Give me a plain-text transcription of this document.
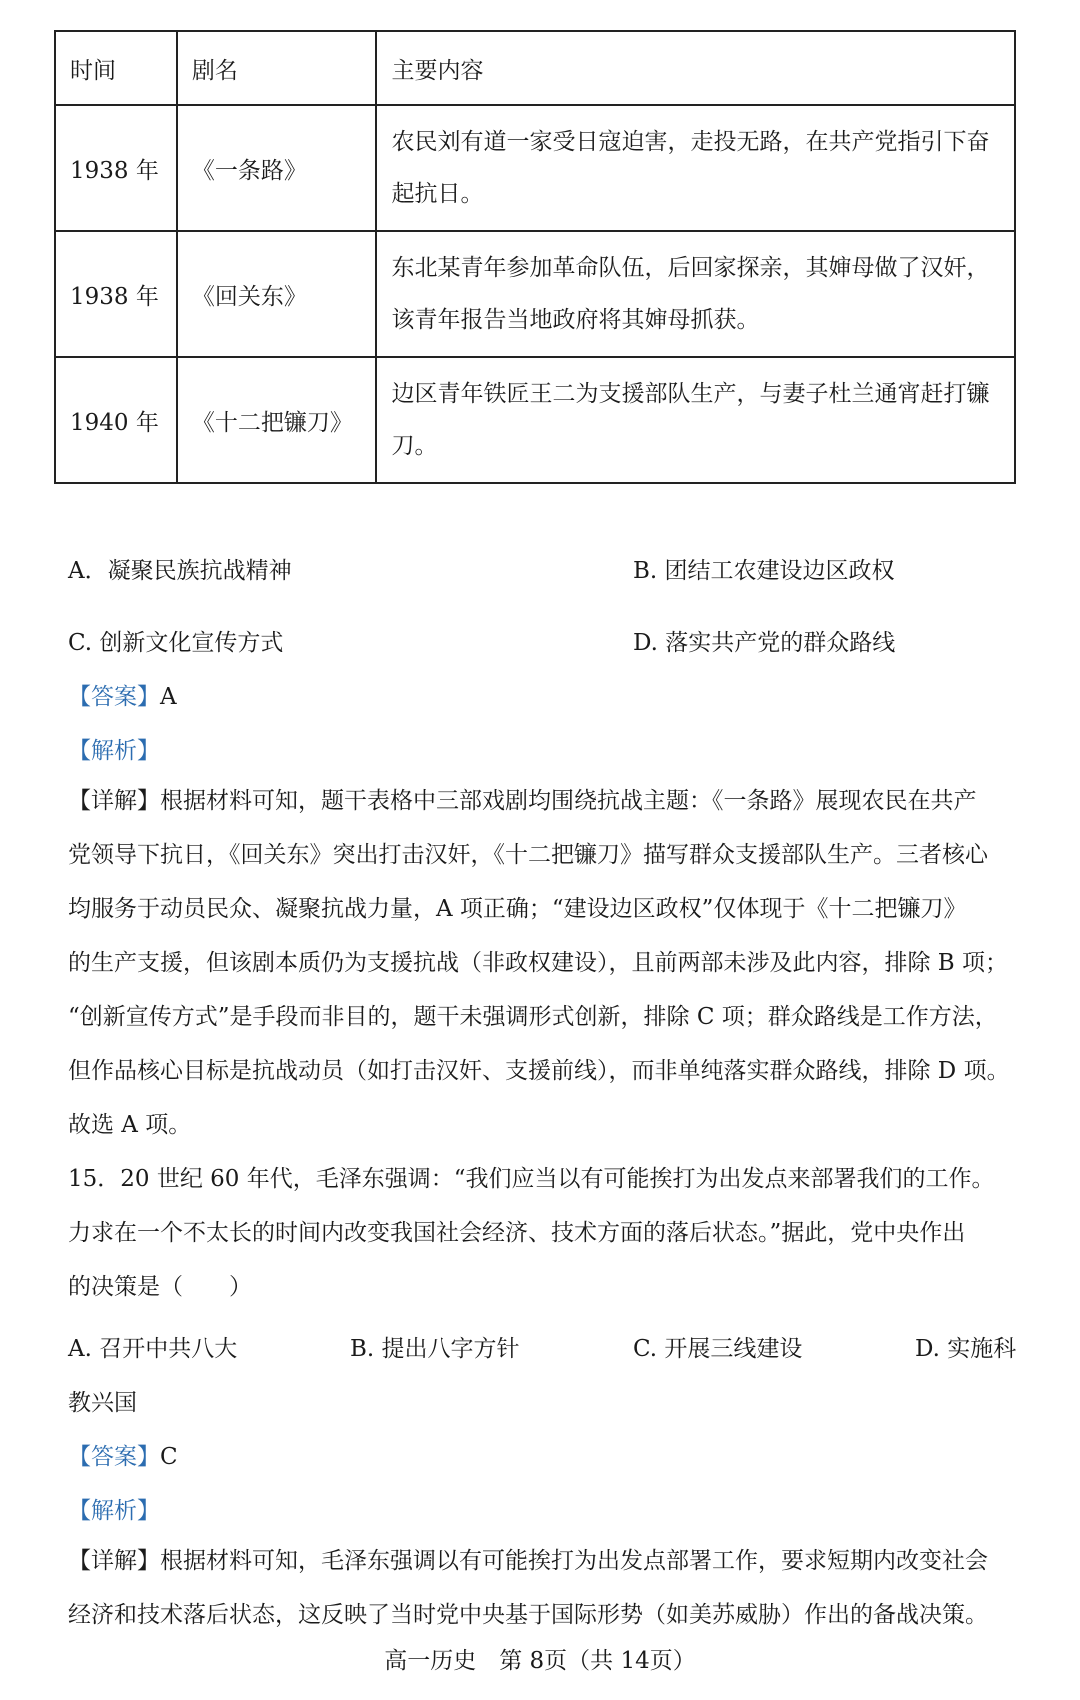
时间	剧名	主要内容
1938 年	《一条路》	农民刘有道一家受日寇迫害，走投无路，在共产党指引下奋起抗日。
1938 年	《回关东》	东北某青年参加革命队伍，后回家探亲，其婶母做了汉奸，该青年报告当地政府将其婶母抓获。
1940 年	《十二把镰刀》	边区青年铁匠王二为支援部队生产，与妻子杜兰通宵赶打镰刀。
A．凝聚民族抗战精神	B. 团结工农建设边区政权
C. 创新文化宣传方式	D. 落实共产党的群众路线
【答案】A
【解析】
【详解】根据材料可知，题干表格中三部戏剧均围绕抗战主题：《一条路》展现农民在共产
党领导下抗日，《回关东》突出打击汉奸，《十二把镰刀》描写群众支援部队生产。三者核心
均服务于动员民众、凝聚抗战力量，A 项正确；“建设边区政权”仅体现于《十二把镰刀》
的生产支援，但该剧本质仍为支援抗战（非政权建设），且前两部未涉及此内容，排除 B 项；
“创新宣传方式”是手段而非目的，题干未强调形式创新，排除 C 项；群众路线是工作方法，
但作品核心目标是抗战动员（如打击汉奸、支援前线），而非单纯落实群众路线，排除 D 项。
故选 A 项。
15．20 世纪 60 年代，毛泽东强调：“我们应当以有可能挨打为出发点来部署我们的工作。
力求在一个不太长的时间内改变我国社会经济、技术方面的落后状态。”据此，党中央作出
的决策是（　　）
A. 召开中共八大	B. 提出八字方针	C. 开展三线建设	D. 实施科
教兴国
【答案】C
【解析】
【详解】根据材料可知，毛泽东强调以有可能挨打为出发点部署工作，要求短期内改变社会
经济和技术落后状态，这反映了当时党中央基于国际形势（如美苏威胁）作出的备战决策。
高一历史　第 8页（共 14页）
